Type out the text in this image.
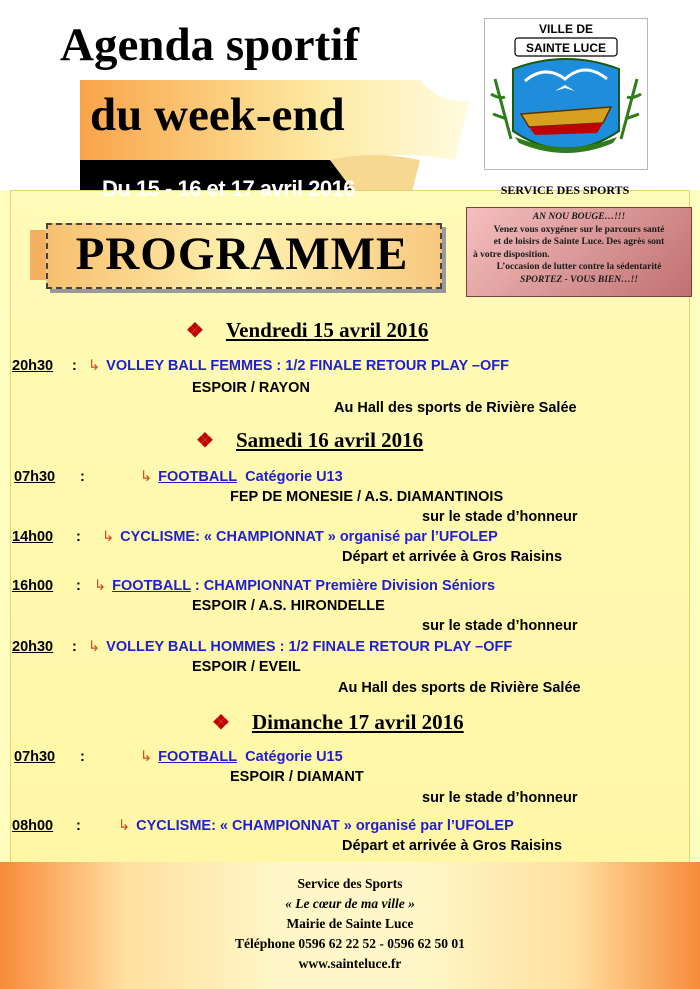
Agenda sportif
du week-end
Du 15 - 16 et 17 avril 2016
VILLE DE
SAINTE LUCE
SERVICE DES SPORTS
PROGRAMME
AN NOU BOUGE…!!!
Venez vous oxygéner sur le parcours santé
et de loisirs de Sainte Luce. Des agrès sont
à votre disposition.
L’occasion de lutter contre la sédentarité
SPORTEZ - VOUS BIEN…!!
❖ Vendredi 15 avril 2016
20h30 : ↳ VOLLEY BALL FEMMES : 1/2 FINALE RETOUR PLAY –OFF
ESPOIR / RAYON
Au Hall des sports de Rivière Salée
❖ Samedi 16 avril 2016
07h30 :	↳ FOOTBALL Catégorie U13
FEP DE MONESIE / A.S. DIAMANTINOIS
sur le stade d’honneur
14h00 : ↳ CYCLISME: « CHAMPIONNAT » organisé par l’UFOLEP
Départ et arrivée à Gros Raisins
16h00 : ↳ FOOTBALL : CHAMPIONNAT Première Division Séniors
ESPOIR / A.S. HIRONDELLE
sur le stade d’honneur
20h30 : ↳ VOLLEY BALL HOMMES : 1/2 FINALE RETOUR PLAY –OFF
ESPOIR / EVEIL
Au Hall des sports de Rivière Salée
❖ Dimanche 17 avril 2016
07h30 :	↳ FOOTBALL Catégorie U15
ESPOIR / DIAMANT
sur le stade d’honneur
08h00 :	↳ CYCLISME: « CHAMPIONNAT » organisé par l’UFOLEP
Départ et arrivée à Gros Raisins
Service des Sports
« Le cœur de ma ville »
Mairie de Sainte Luce
Téléphone 0596 62 22 52 - 0596 62 50 01
www.sainteluce.fr
